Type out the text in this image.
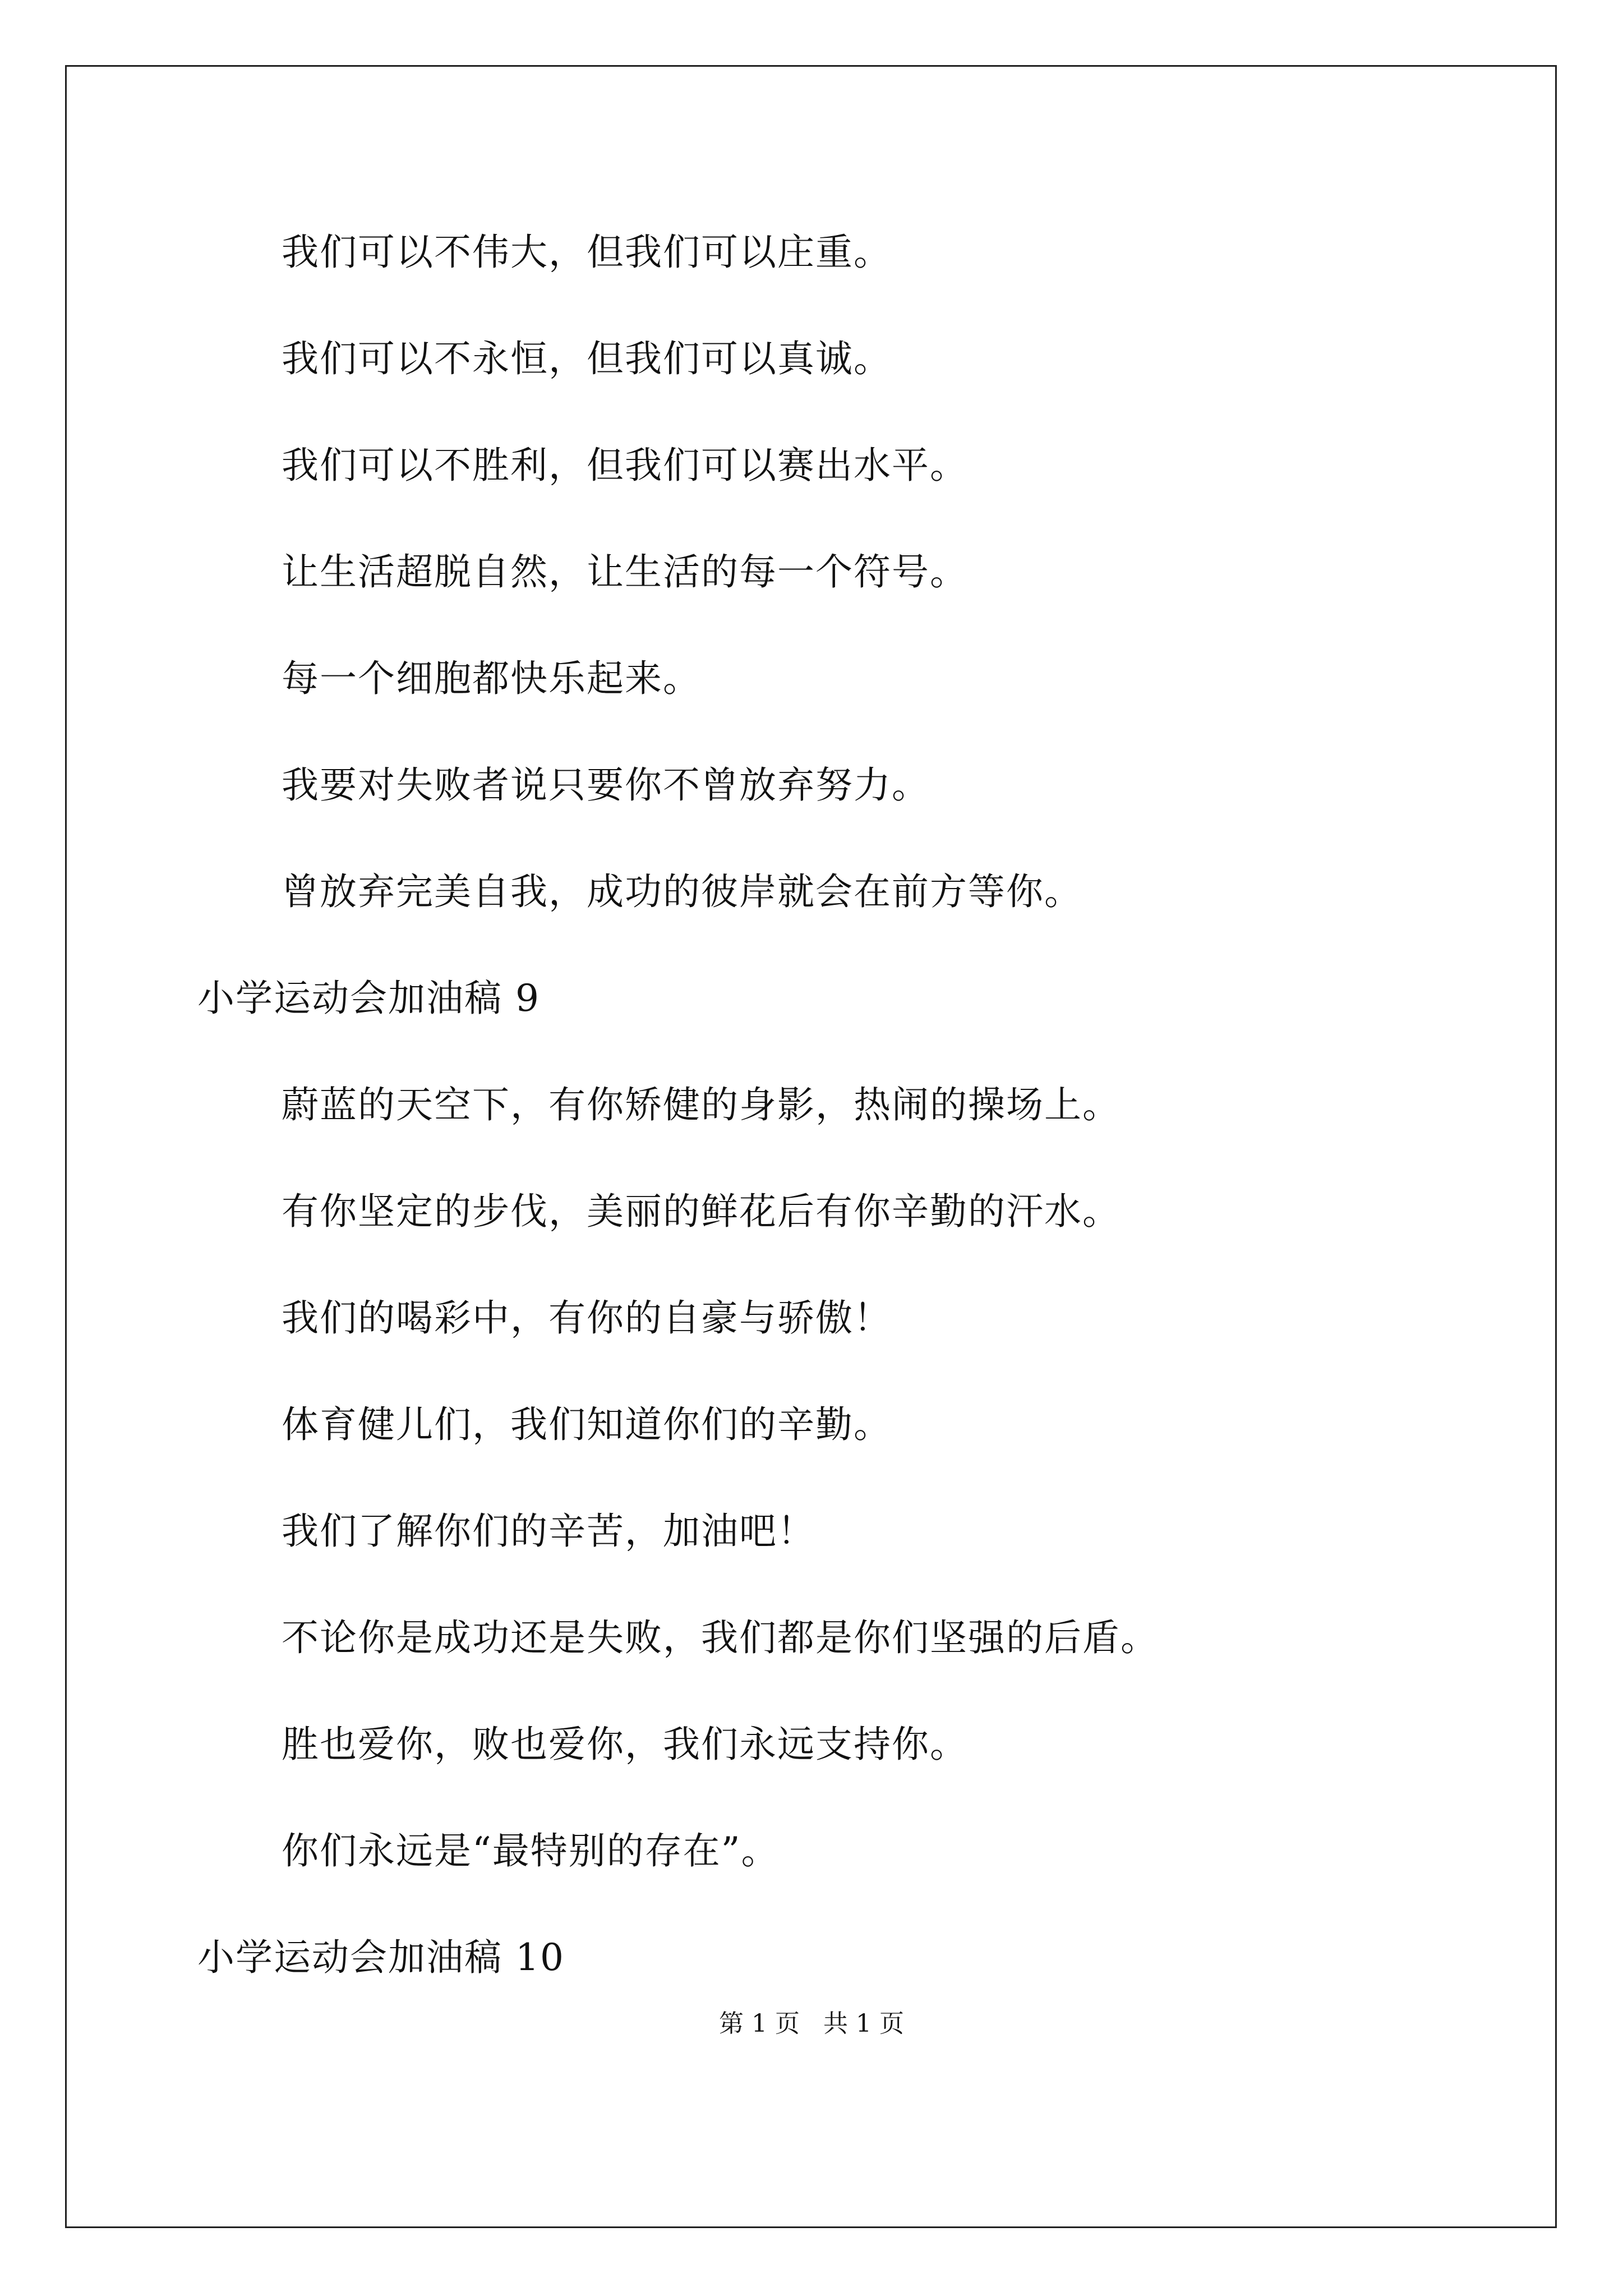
我们可以不伟大，但我们可以庄重。
我们可以不永恒，但我们可以真诚。
我们可以不胜利，但我们可以赛出水平。
让生活超脱自然，让生活的每一个符号。
每一个细胞都快乐起来。
我要对失败者说只要你不曾放弃努力。
曾放弃完美自我，成功的彼岸就会在前方等你。
小学运动会加油稿 9
蔚蓝的天空下，有你矫健的身影，热闹的操场上。
有你坚定的步伐，美丽的鲜花后有你辛勤的汗水。
我们的喝彩中，有你的自豪与骄傲！
体育健儿们，我们知道你们的辛勤。
我们了解你们的辛苦，加油吧！
不论你是成功还是失败，我们都是你们坚强的后盾。
胜也爱你，败也爱你，我们永远支持你。
你们永远是“最特别的存在”。
小学运动会加油稿 10
第 1 页   共 1 页
